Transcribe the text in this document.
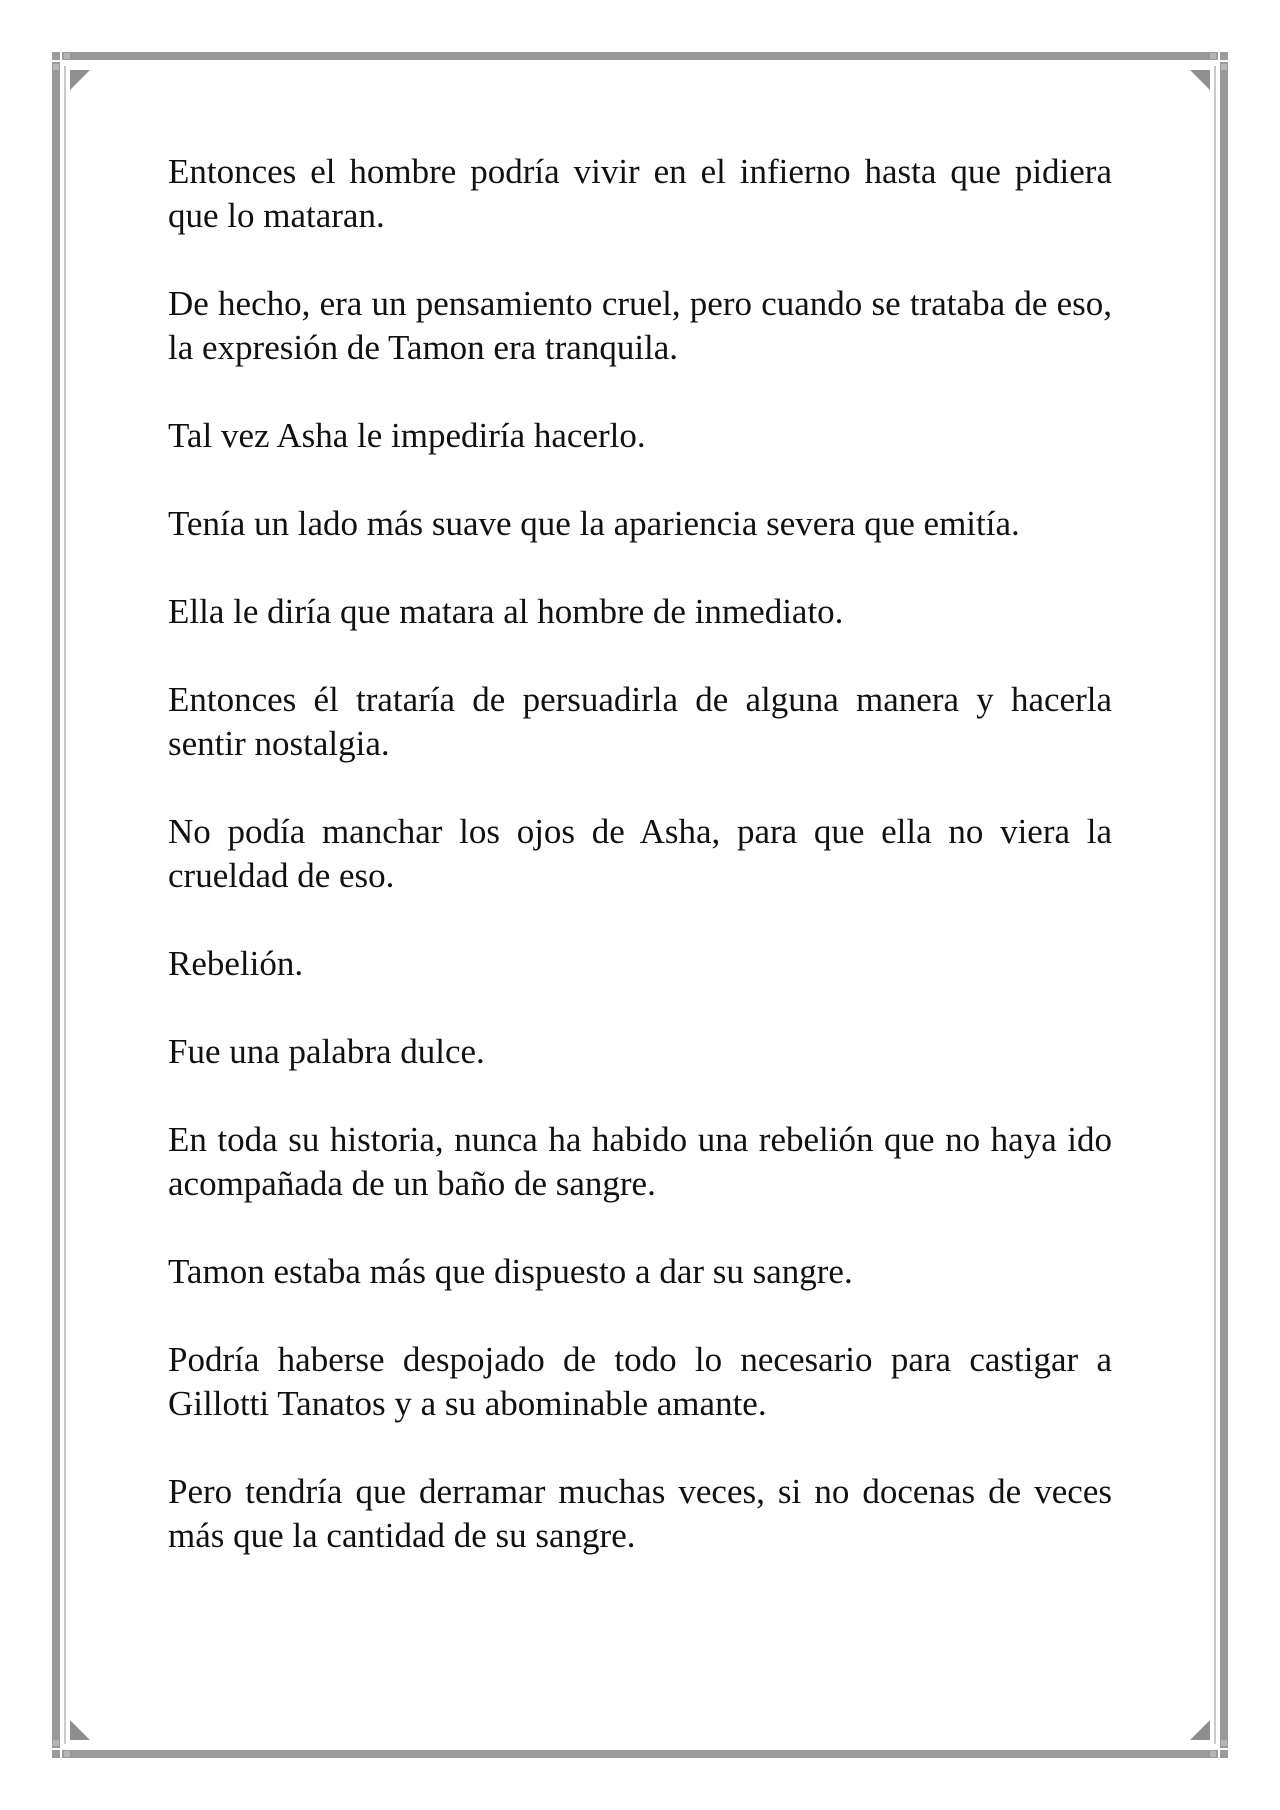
Entonces el hombre podría vivir en el infierno hasta que pidiera que lo mataran.

De hecho, era un pensamiento cruel, pero cuando se trataba de eso, la expresión de Tamon era tranquila.

Tal vez Asha le impediría hacerlo.

Tenía un lado más suave que la apariencia severa que emitía.

Ella le diría que matara al hombre de inmediato.

Entonces él trataría de persuadirla de alguna manera y hacerla sentir nostalgia.

No podía manchar los ojos de Asha, para que ella no viera la crueldad de eso.

Rebelión.

Fue una palabra dulce.

En toda su historia, nunca ha habido una rebelión que no haya ido acompañada de un baño de sangre.

Tamon estaba más que dispuesto a dar su sangre.

Podría haberse despojado de todo lo necesario para castigar a Gillotti Tanatos y a su abominable amante.

Pero tendría que derramar muchas veces, si no docenas de veces más que la cantidad de su sangre.
